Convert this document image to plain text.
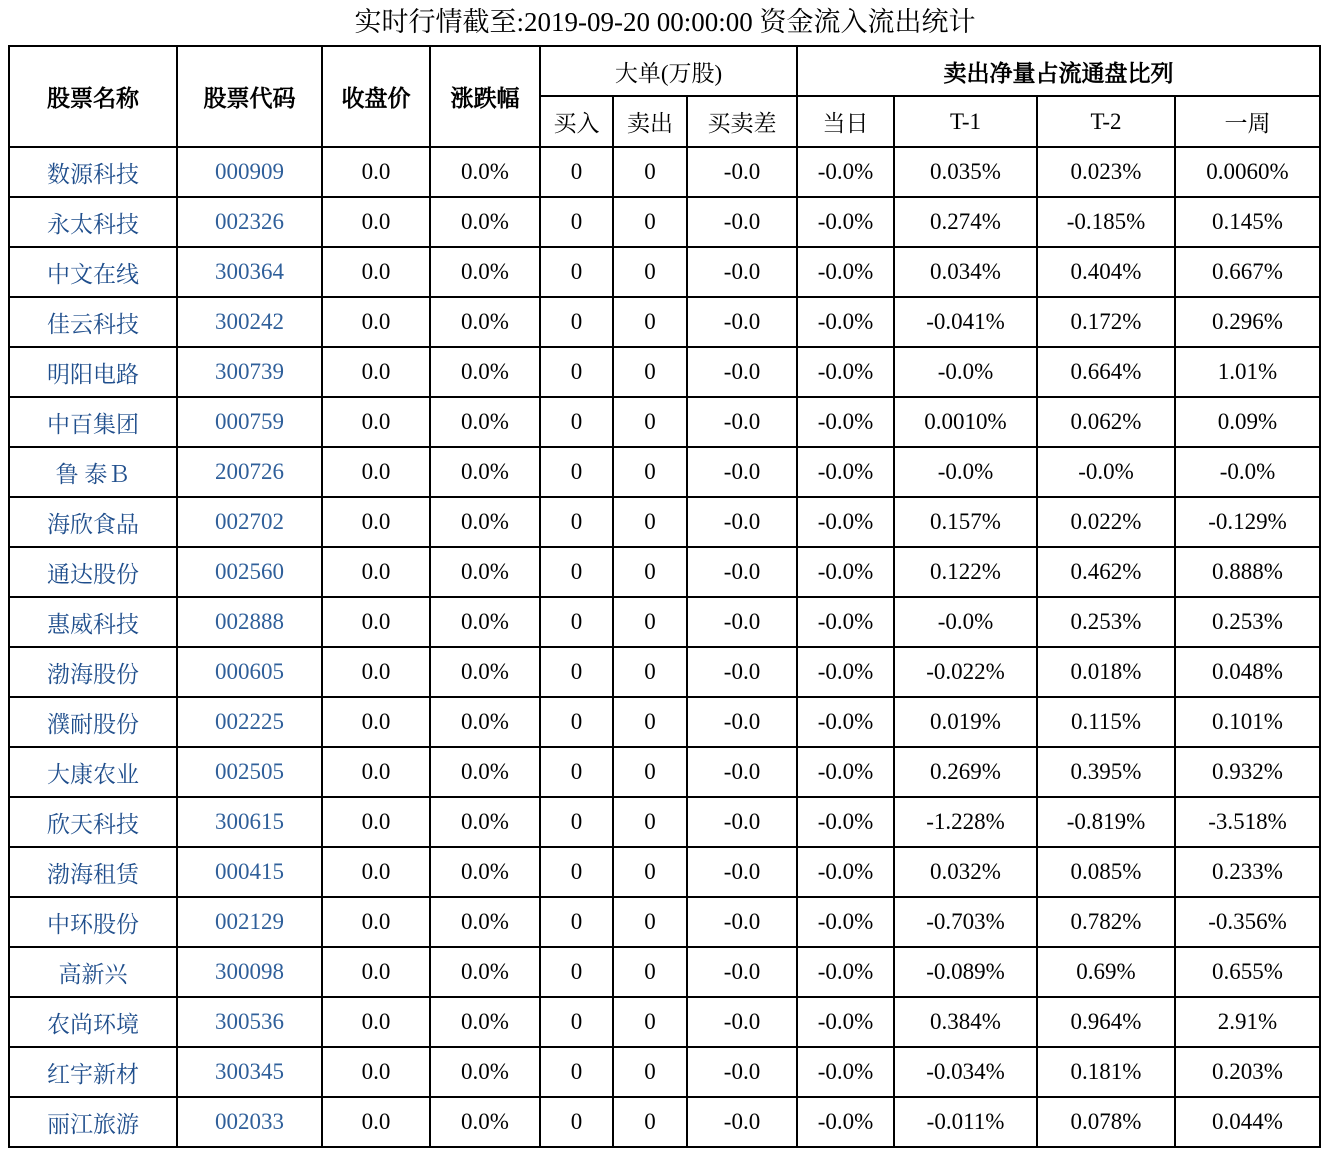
实时行情截至:2019-09-20 00:00:00 资金流入流出统计
股票名称	股票代码	收盘价	涨跌幅	大单(万股)			卖出净量占流通盘比列			
				买入	卖出	买卖差	当日	T-1	T-2	一周
数源科技	000909	0.0	0.0%	0	0	-0.0	-0.0%	0.035%	0.023%	0.0060%
永太科技	002326	0.0	0.0%	0	0	-0.0	-0.0%	0.274%	-0.185%	0.145%
中文在线	300364	0.0	0.0%	0	0	-0.0	-0.0%	0.034%	0.404%	0.667%
佳云科技	300242	0.0	0.0%	0	0	-0.0	-0.0%	-0.041%	0.172%	0.296%
明阳电路	300739	0.0	0.0%	0	0	-0.0	-0.0%	-0.0%	0.664%	1.01%
中百集团	000759	0.0	0.0%	0	0	-0.0	-0.0%	0.0010%	0.062%	0.09%
鲁 泰Ｂ	200726	0.0	0.0%	0	0	-0.0	-0.0%	-0.0%	-0.0%	-0.0%
海欣食品	002702	0.0	0.0%	0	0	-0.0	-0.0%	0.157%	0.022%	-0.129%
通达股份	002560	0.0	0.0%	0	0	-0.0	-0.0%	0.122%	0.462%	0.888%
惠威科技	002888	0.0	0.0%	0	0	-0.0	-0.0%	-0.0%	0.253%	0.253%
渤海股份	000605	0.0	0.0%	0	0	-0.0	-0.0%	-0.022%	0.018%	0.048%
濮耐股份	002225	0.0	0.0%	0	0	-0.0	-0.0%	0.019%	0.115%	0.101%
大康农业	002505	0.0	0.0%	0	0	-0.0	-0.0%	0.269%	0.395%	0.932%
欣天科技	300615	0.0	0.0%	0	0	-0.0	-0.0%	-1.228%	-0.819%	-3.518%
渤海租赁	000415	0.0	0.0%	0	0	-0.0	-0.0%	0.032%	0.085%	0.233%
中环股份	002129	0.0	0.0%	0	0	-0.0	-0.0%	-0.703%	0.782%	-0.356%
高新兴	300098	0.0	0.0%	0	0	-0.0	-0.0%	-0.089%	0.69%	0.655%
农尚环境	300536	0.0	0.0%	0	0	-0.0	-0.0%	0.384%	0.964%	2.91%
红宇新材	300345	0.0	0.0%	0	0	-0.0	-0.0%	-0.034%	0.181%	0.203%
丽江旅游	002033	0.0	0.0%	0	0	-0.0	-0.0%	-0.011%	0.078%	0.044%
